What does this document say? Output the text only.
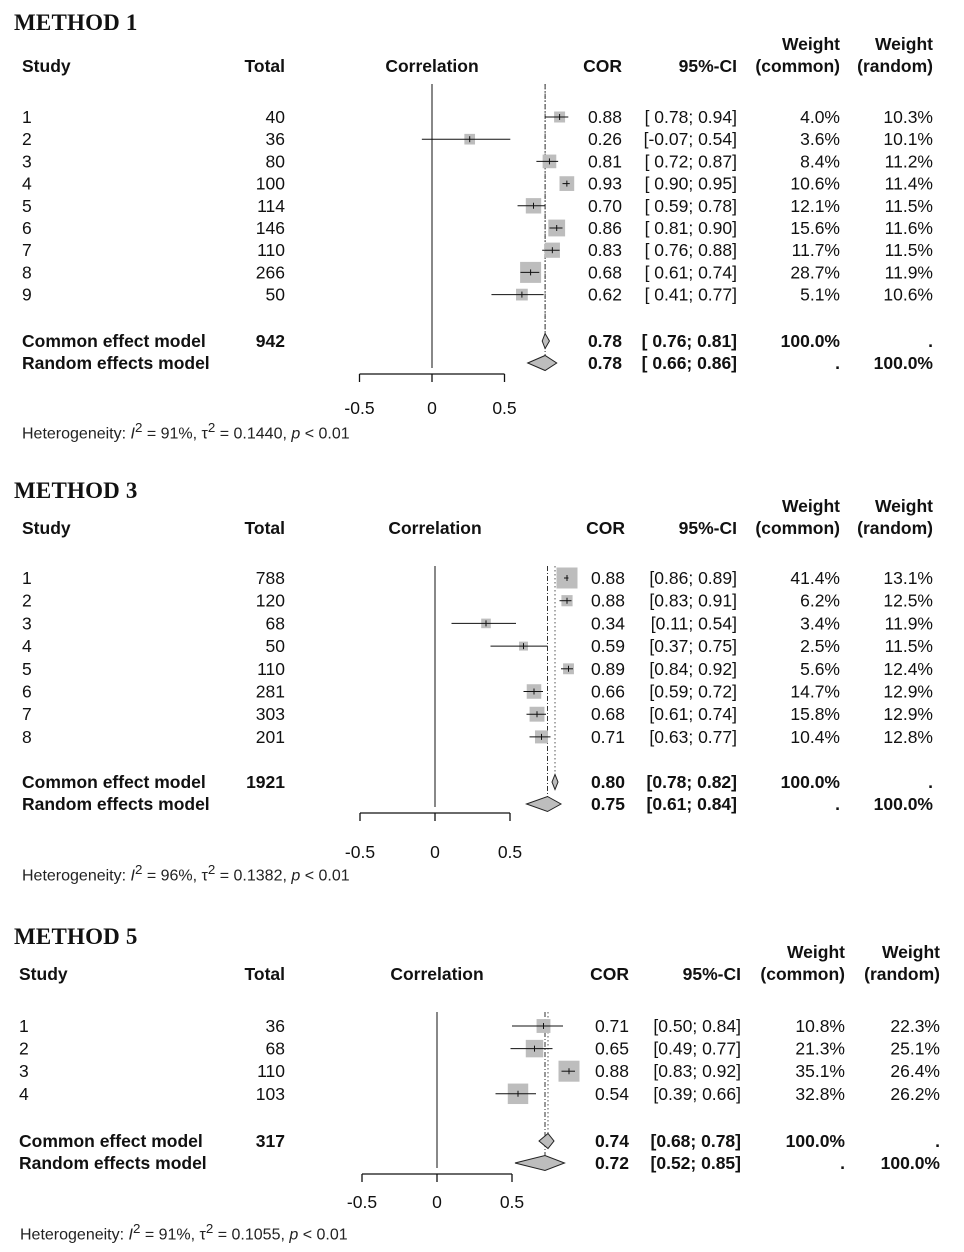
METHOD 1
Study	Total	Correlation	COR	95%-CI
Weight
(common)
Weight
(random)
1	40	0.88 [ 0.78; 0.94]	4.0% 10.3%
2	36	0.26 [-0.07; 0.54]	3.6% 10.1%
3	80	0.81 [ 0.72; 0.87]	8.4%	11.2%
4	100	0.93 [ 0.90; 0.95]	10.6%	11.4%
5	114	0.70 [ 0.59; 0.78]	12.1%	11.5%
6	146	0.86 [ 0.81; 0.90]	15.6%	11.6%
7	110	0.83 [ 0.76; 0.88]	11.7%	11.5%
8	266	0.68 [ 0.61; 0.74]	28.7%	11.9%
9	50	0.62 [ 0.41; 0.77]	5.1% 10.6%
Common effect model	942	0.78 [ 0.76; 0.81] 100.0%	.
Random effects model	0.78 [ 0.66; 0.86]	. 100.0%
-0.5	0	0.5
Heterogeneity: $I^2 = 91\%$, $\tau^2 = 0.1440$, p < 0.01
METHOD 3
Study	Total	Correlation	COR	95%-CI
Weight
(common)
Weight
(random)
1	788	0.88 [0.86; 0.89]	41.4% 13.1%
2	120	0.88 [0.83; 0.91]	6.2% 12.5%
3	68	0.34 [0.11; 0.54]	3.4%	11.9%
4	50	0.59 [0.37; 0.75]	2.5%	11.5%
5	110	0.89 [0.84; 0.92]	5.6% 12.4%
6	281	0.66 [0.59; 0.72]	14.7% 12.9%
7	303	0.68 [0.61; 0.74]	15.8% 12.9%
8	201	0.71 [0.63; 0.77]	10.4% 12.8%
Common effect model 1921	0.80 [0.78; 0.82] 100.0%	.
Random effects model	0.75 [0.61; 0.84]	. 100.0%
-0.5	0	0.5
Heterogeneity: $I^2 = 96\%$, $\tau^2 = 0.1382$, p < 0.01
METHOD 5
Study	Total	Correlation	COR	95%-CI
Weight
(common)
Weight
(random)
1	36	0.71 [0.50; 0.84]	10.8%	22.3%
2	68	0.65 [0.49; 0.77]	21.3%	25.1%
3	110	0.88 [0.83; 0.92]	35.1%	26.4%
4	103	0.54 [0.39; 0.66]	32.8%	26.2%
Common effect model	317	0.74 [0.68; 0.78]	100.0%	.
Random effects model	0.72 [0.52; 0.85]	. 100.0%
-0.5	0	0.5
Heterogeneity: $I^2 = 91\%$, $\tau^2 = 0.1055$, p < 0.01
